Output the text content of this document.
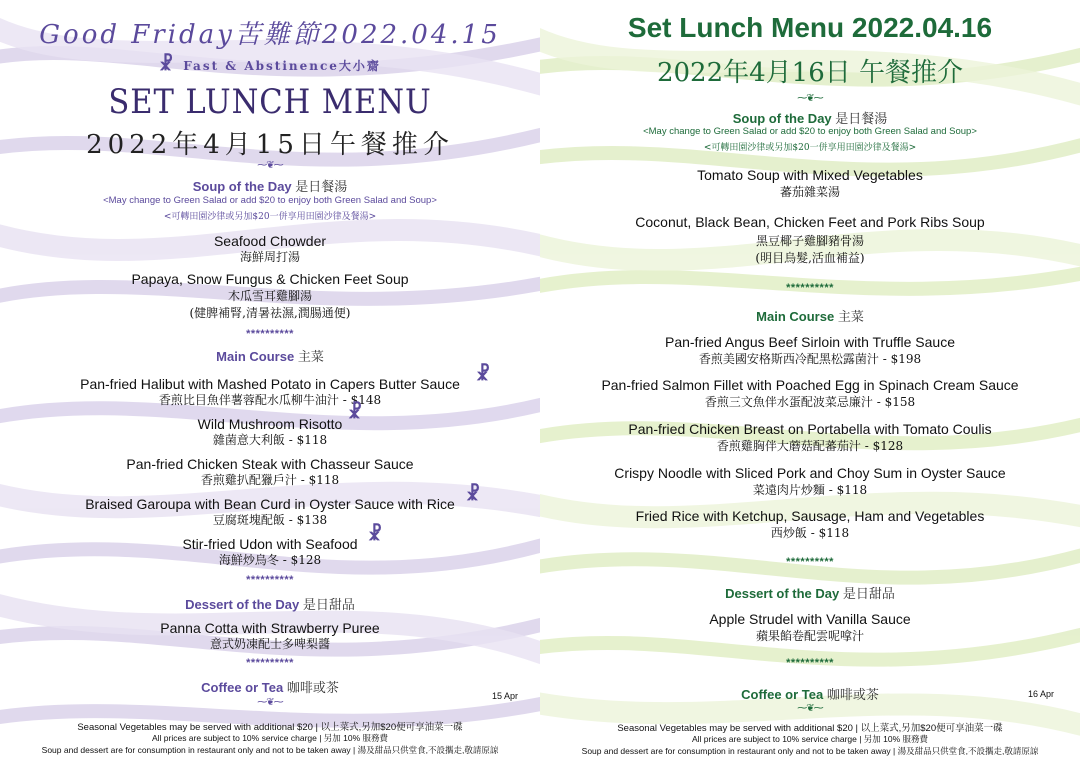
Good Friday苦難節2022.04.15
☧ Fast & Abstinence大小齋
SET LUNCH MENU
2022年4月15日午餐推介
⁓❦⁓
Soup of the Day 是日餐湯
<May change to Green Salad or add $20 to enjoy both Green Salad and Soup>
<可轉田園沙律或另加$20一併享用田園沙律及餐湯>
Seafood Chowder
海鮮周打湯
Papaya, Snow Fungus & Chicken Feet Soup
木瓜雪耳雞腳湯
(健脾補腎,清暑祛濕,潤腸通便)
**********
Main Course 主菜
Pan-fried Halibut with Mashed Potato in Capers Butter Sauce
香煎比目魚伴薯蓉配水瓜柳牛油汁 - $148
☧
Wild Mushroom Risotto
雜菌意大利飯 - $118
☧
Pan-fried Chicken Steak with Chasseur Sauce
香煎雞扒配獵戶汁 - $118
Braised Garoupa with Bean Curd in Oyster Sauce with Rice
豆腐斑塊配飯 - $138
☧
Stir-fried Udon with Seafood
海鮮炒烏冬 - $128
☧
**********
Dessert of the Day 是日甜品
Panna Cotta with Strawberry Puree
意式奶凍配士多啤梨醬
**********
Coffee or Tea 咖啡或茶
⁓❦⁓
15 Apr
Seasonal Vegetables may be served with additional $20 | 以上菜式,另加$20便可享油菜一碟
All prices are subject to 10% service charge | 另加 10% 服務費
Soup and dessert are for consumption in restaurant only and not to be taken away | 湯及甜品只供堂食,不設攜走,敬請原諒
Set Lunch Menu 2022.04.16
2022年4月16日 午餐推介
⁓❦⁓
Soup of the Day 是日餐湯
<May change to Green Salad or add $20 to enjoy both Green Salad and Soup>
<可轉田園沙律或另加$20一併享用田園沙律及餐湯>
Tomato Soup with Mixed Vegetables
蕃茄雜菜湯
Coconut, Black Bean, Chicken Feet and Pork Ribs Soup
黑豆椰子雞腳豬骨湯
(明目烏髮,活血補益)
**********
Main Course 主菜
Pan-fried Angus Beef Sirloin with Truffle Sauce
香煎美國安格斯西冷配黑松露菌汁 - $198
Pan-fried Salmon Fillet with Poached Egg in Spinach Cream Sauce
香煎三文魚伴水蛋配波菜忌廉汁 - $158
Pan-fried Chicken Breast on Portabella with Tomato Coulis
香煎雞胸伴大蘑菇配蕃茄汁 - $128
Crispy Noodle with Sliced Pork and Choy Sum in Oyster Sauce
菜遠肉片炒麵 - $118
Fried Rice with Ketchup, Sausage, Ham and Vegetables
西炒飯 - $118
**********
Dessert of the Day 是日甜品
Apple Strudel with Vanilla Sauce
蘋果餡卷配雲呢嗱汁
**********
Coffee or Tea 咖啡或茶
⁓❦⁓
16 Apr
Seasonal Vegetables may be served with additional $20 | 以上菜式,另加$20便可享油菜一碟
All prices are subject to 10% service charge | 另加 10% 服務費
Soup and dessert are for consumption in restaurant only and not to be taken away | 湯及甜品只供堂食,不設攜走,敬請原諒
